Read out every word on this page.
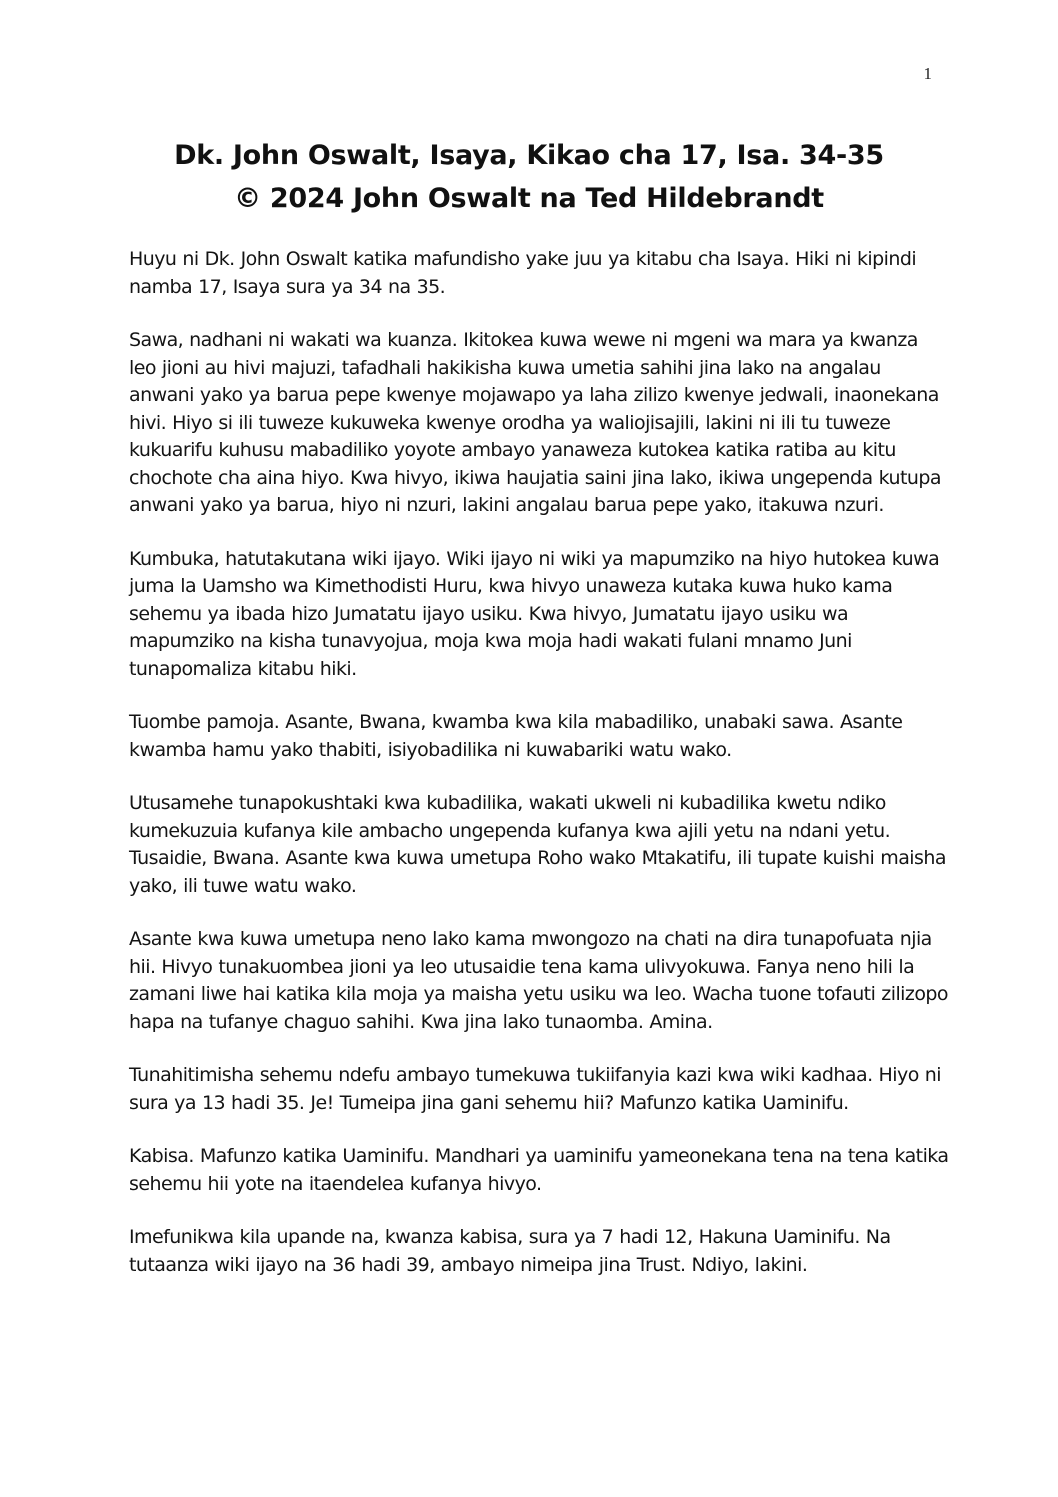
1
Dk. John Oswalt, Isaya, Kikao cha 17, Isa. 34-35
© 2024 John Oswalt na Ted Hildebrandt

Huyu ni Dk. John Oswalt katika mafundisho yake juu ya kitabu cha Isaya. Hiki ni kipindi namba 17, Isaya sura ya 34 na 35.

Sawa, nadhani ni wakati wa kuanza. Ikitokea kuwa wewe ni mgeni wa mara ya kwanza leo jioni au hivi majuzi, tafadhali hakikisha kuwa umetia sahihi jina lako na angalau anwani yako ya barua pepe kwenye mojawapo ya laha zilizo kwenye jedwali, inaonekana hivi. Hiyo si ili tuweze kukuweka kwenye orodha ya waliojisajili, lakini ni ili tu tuweze kukuarifu kuhusu mabadiliko yoyote ambayo yanaweza kutokea katika ratiba au kitu chochote cha aina hiyo. Kwa hivyo, ikiwa haujatia saini jina lako, ikiwa ungependa kutupa anwani yako ya barua, hiyo ni nzuri, lakini angalau barua pepe yako, itakuwa nzuri.

Kumbuka, hatutakutana wiki ijayo. Wiki ijayo ni wiki ya mapumziko na hiyo hutokea kuwa juma la Uamsho wa Kimethodisti Huru, kwa hivyo unaweza kutaka kuwa huko kama sehemu ya ibada hizo Jumatatu ijayo usiku. Kwa hivyo, Jumatatu ijayo usiku wa mapumziko na kisha tunavyojua, moja kwa moja hadi wakati fulani mnamo Juni tunapomaliza kitabu hiki.

Tuombe pamoja. Asante, Bwana, kwamba kwa kila mabadiliko, unabaki sawa. Asante kwamba hamu yako thabiti, isiyobadilika ni kuwabariki watu wako.

Utusamehe tunapokushtaki kwa kubadilika, wakati ukweli ni kubadilika kwetu ndiko kumekuzuia kufanya kile ambacho ungependa kufanya kwa ajili yetu na ndani yetu. Tusaidie, Bwana. Asante kwa kuwa umetupa Roho wako Mtakatifu, ili tupate kuishi maisha yako, ili tuwe watu wako.

Asante kwa kuwa umetupa neno lako kama mwongozo na chati na dira tunapofuata njia hii. Hivyo tunakuombea jioni ya leo utusaidie tena kama ulivyokuwa. Fanya neno hili la zamani liwe hai katika kila moja ya maisha yetu usiku wa leo. Wacha tuone tofauti zilizopo hapa na tufanye chaguo sahihi. Kwa jina lako tunaomba. Amina.

Tunahitimisha sehemu ndefu ambayo tumekuwa tukiifanyia kazi kwa wiki kadhaa. Hiyo ni sura ya 13 hadi 35. Je! Tumeipa jina gani sehemu hii? Mafunzo katika Uaminifu.

Kabisa. Mafunzo katika Uaminifu. Mandhari ya uaminifu yameonekana tena na tena katika sehemu hii yote na itaendelea kufanya hivyo.

Imefunikwa kila upande na, kwanza kabisa, sura ya 7 hadi 12, Hakuna Uaminifu. Na tutaanza wiki ijayo na 36 hadi 39, ambayo nimeipa jina Trust. Ndiyo, lakini.
